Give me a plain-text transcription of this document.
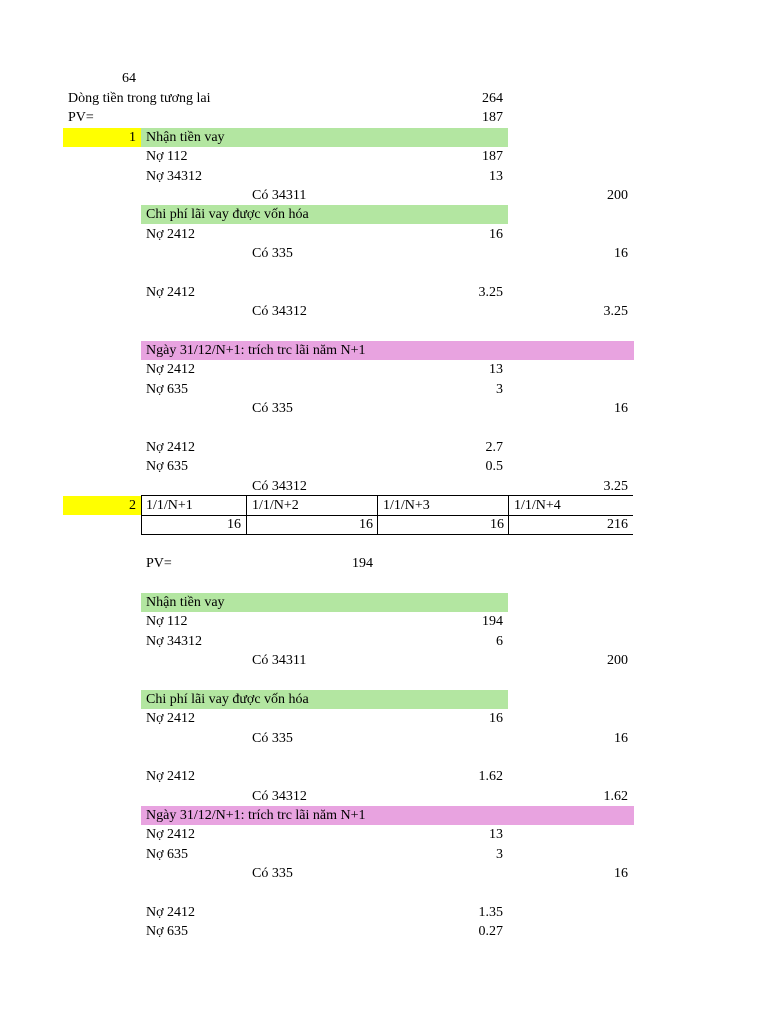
64
Dòng tiền trong tương lai	264
PV=	187
1 Nhận tiền vay
Nợ 112	187
Nợ 34312	13
Có 34311	200
Chi phí lãi vay được vốn hóa
Nợ 2412	16
Có 335	16
Nợ 2412	3.25
Có 34312	3.25
Ngày 31/12/N+1: trích trc lãi năm N+1
Nợ 2412	13
Nợ 635	3
Có 335	16
Nợ 2412	2.7
Nợ 635	0.5
Có 34312	3.25
2 1/1/N+1	1/1/N+2	1/1/N+3	1/1/N+4
16	16	16	216
PV=	194
Nhận tiền vay
Nợ 112	194
Nợ 34312	6
Có 34311	200
Chi phí lãi vay được vốn hóa
Nợ 2412	16
Có 335	16
Nợ 2412	1.62
Có 34312	1.62
Ngày 31/12/N+1: trích trc lãi năm N+1
Nợ 2412	13
Nợ 635	3
Có 335	16
Nợ 2412	1.35
Nợ 635	0.27
